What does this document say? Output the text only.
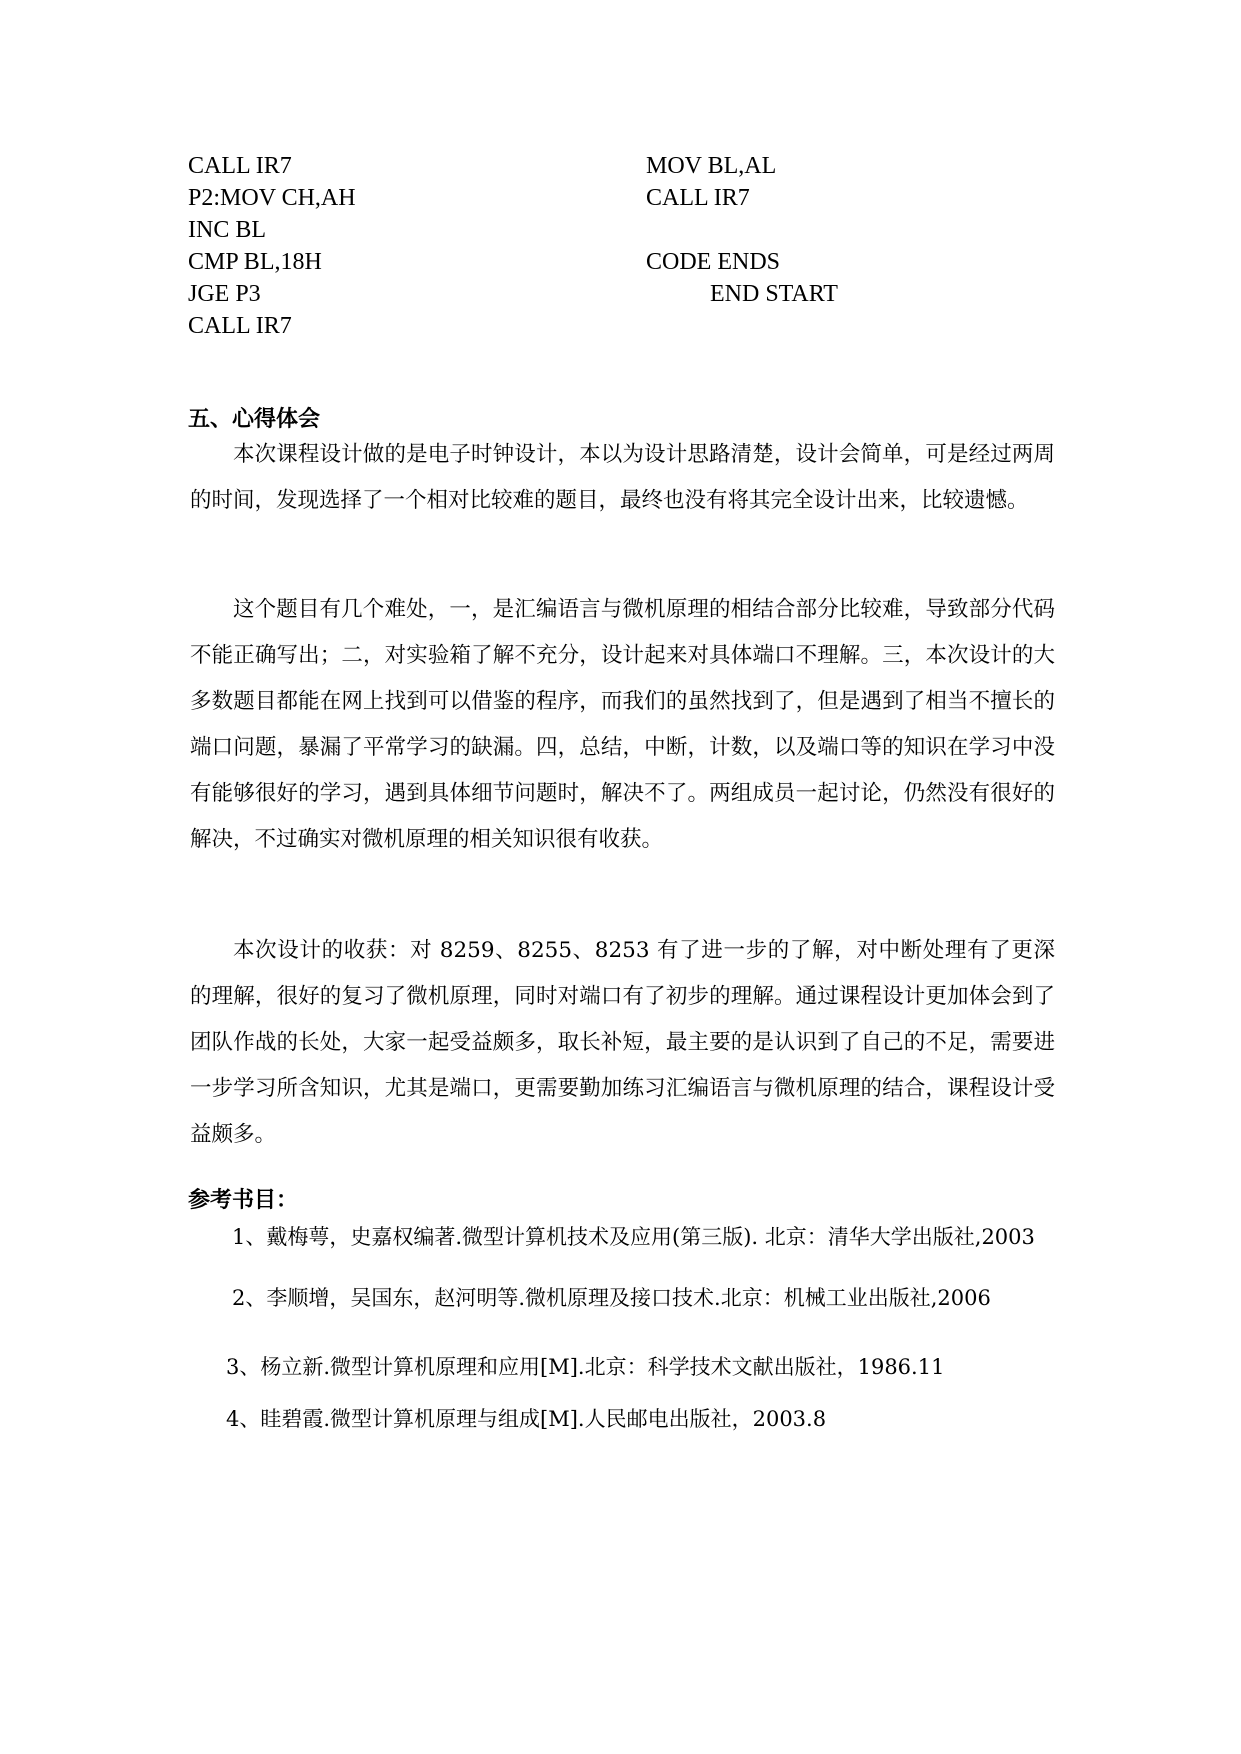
CALL IR7
P2:MOV CH,AH
INC BL
CMP BL,18H
JGE P3
CALL IR7
MOV BL,AL
CALL IR7
CODE ENDS
END START
五、心得体会

本次课程设计做的是电子时钟设计，本以为设计思路清楚，设计会简单，可是经过两周的时间，发现选择了一个相对比较难的题目，最终也没有将其完全设计出来，比较遗憾。

这个题目有几个难处，一，是汇编语言与微机原理的相结合部分比较难，导致部分代码不能正确写出；二，对实验箱了解不充分，设计起来对具体端口不理解。三，本次设计的大多数题目都能在网上找到可以借鉴的程序，而我们的虽然找到了，但是遇到了相当不擅长的端口问题，暴漏了平常学习的缺漏。四，总结，中断，计数，以及端口等的知识在学习中没有能够很好的学习，遇到具体细节问题时，解决不了。两组成员一起讨论，仍然没有很好的解决，不过确实对微机原理的相关知识很有收获。

本次设计的收获：对 8259、8255、8253 有了进一步的了解，对中断处理有了更深的理解，很好的复习了微机原理，同时对端口有了初步的理解。通过课程设计更加体会到了团队作战的长处，大家一起受益颇多，取长补短，最主要的是认识到了自己的不足，需要进一步学习所含知识，尤其是端口，更需要勤加练习汇编语言与微机原理的结合，课程设计受益颇多。

参考书目：
1、戴梅萼，史嘉权编著.微型计算机技术及应用(第三版). 北京：清华大学出版社,2003
2、李顺增，吴国东，赵河明等.微机原理及接口技术.北京：机械工业出版社,2006
3、杨立新.微型计算机原理和应用[M].北京：科学技术文献出版社，1986.11
4、眭碧霞.微型计算机原理与组成[M].人民邮电出版社，2003.8
